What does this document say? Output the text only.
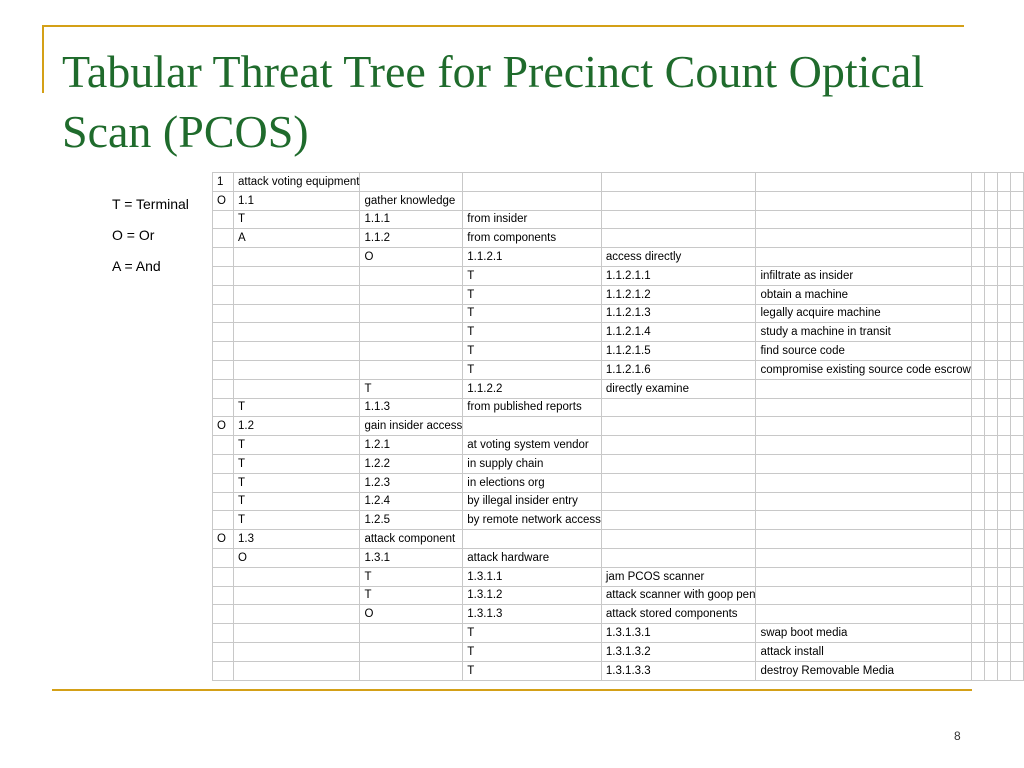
Tabular Threat Tree for Precinct Count Optical Scan (PCOS)
T = Terminal
O = Or
A = And
1	attack voting equipment								
O	1.1	gather knowledge							
	T	1.1.1	from insider						
	A	1.1.2	from components						
		O	1.1.2.1	access directly					
			T	1.1.2.1.1	infiltrate as insider				
			T	1.1.2.1.2	obtain a machine				
			T	1.1.2.1.3	legally acquire machine				
			T	1.1.2.1.4	study a machine in transit				
			T	1.1.2.1.5	find source code				
			T	1.1.2.1.6	compromise existing source code escrow				
		T	1.1.2.2	directly examine					
	T	1.1.3	from published reports						
O	1.2	gain insider access							
	T	1.2.1	at voting system vendor						
	T	1.2.2	in supply chain						
	T	1.2.3	in elections org						
	T	1.2.4	by illegal insider entry						
	T	1.2.5	by remote network access						
O	1.3	attack component							
	O	1.3.1	attack hardware						
		T	1.3.1.1	jam PCOS scanner					
		T	1.3.1.2	attack scanner with goop pen					
		O	1.3.1.3	attack stored components					
			T	1.3.1.3.1	swap boot media				
			T	1.3.1.3.2	attack install				
			T	1.3.1.3.3	destroy Removable Media				
8
